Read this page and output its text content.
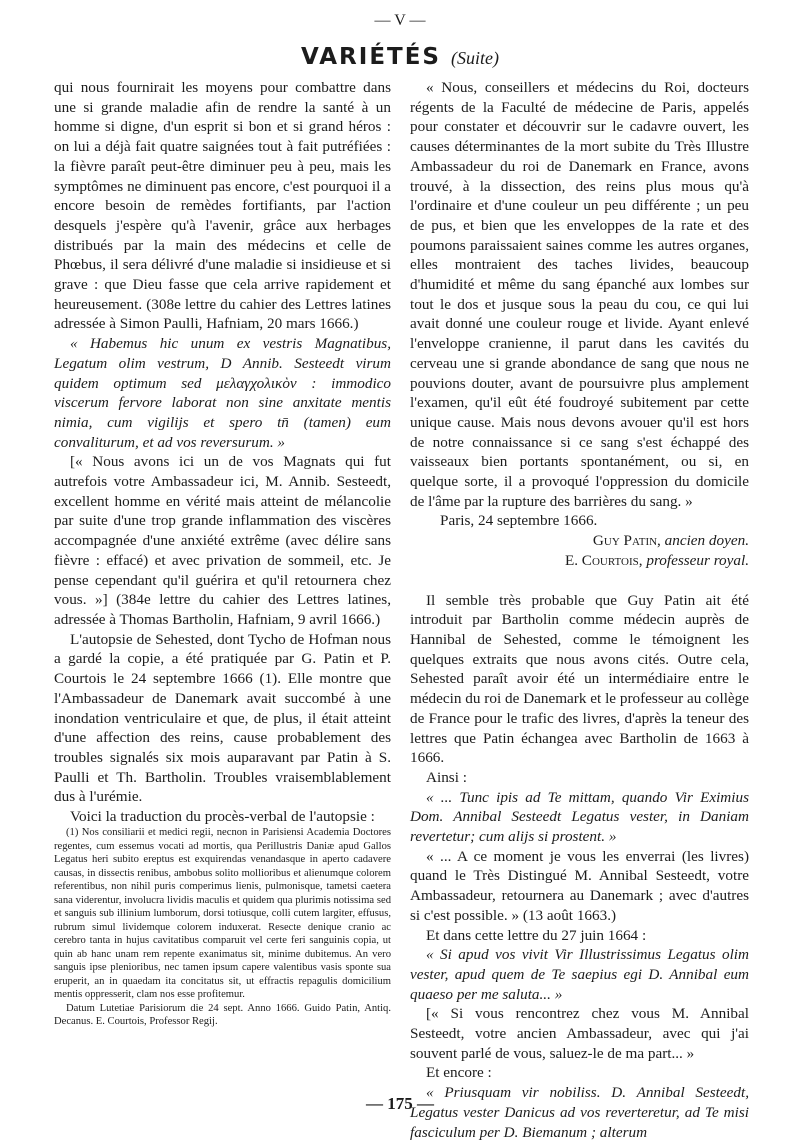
— V —
VARIÉTÉS (Suite)

qui nous fournirait les moyens pour combattre dans une si grande maladie afin de rendre la santé à un homme si digne, d'un esprit si bon et si grand héros : on lui a déjà fait quatre saignées tout à fait putréfiées : la fièvre paraît peut-être diminuer peu à peu, mais les symptômes ne diminuent pas encore, c'est pourquoi il a encore besoin de remèdes fortifiants, par l'action desquels j'espère qu'à l'avenir, grâce aux herbages distribués par la main des médecins et celle de Phœbus, il sera délivré d'une maladie si insidieuse et si grave : que Dieu fasse que cela arrive rapidement et heureusement. (308e lettre du cahier des Lettres latines adressée à Simon Paulli, Hafniam, 20 mars 1666.)

« Habemus hic unum ex vestris Magnatibus, Legatum olim vestrum, D Annib. Sesteedt virum quidem optimum sed μελαγχολικὸν : immodico viscerum fervore laborat non sine anxitate mentis nimia, cum vigilijs et spero tn̄ (tamen) eum convaliturum, et ad vos reversurum. »

[« Nous avons ici un de vos Magnats qui fut autrefois votre Ambassadeur ici, M. Annib. Sesteedt, excellent homme en vérité mais atteint de mélancolie par suite d'une trop grande inflammation des viscères accompagnée d'une anxiété extrême (avec délire sans fièvre : effacé) et avec privation de sommeil, etc. Je pense cependant qu'il guérira et qu'il retournera chez vous. »] (384e lettre du cahier des Lettres latines, adressée à Thomas Bartholin, Hafniam, 9 avril 1666.)

L'autopsie de Sehested, dont Tycho de Hofman nous a gardé la copie, a été pratiquée par G. Patin et P. Courtois le 24 septembre 1666 (1). Elle montre que l'Ambassadeur de Danemark avait succombé à une inondation ventriculaire et que, de plus, il était atteint d'une affection des reins, cause probablement des troubles signalés six mois auparavant par Patin à S. Paulli et Th. Bartholin. Troubles vraisemblablement dus à l'urémie.

Voici la traduction du procès-verbal de l'autopsie :

(1) Nos consiliarii et medici regii, necnon in Parisiensi Academia Doctores regentes, cum essemus vocati ad mortis, qua Perillustris Daniæ apud Gallos Legatus heri subito ereptus est exquirendas venandasque in aperto cadavere causas, in dissectis renibus, ambobus solito mollioribus et alienumque colorem referentibus, non nihil puris comperimus lienis, pulmonisque, tametsi caetera sana viderentur, involucra lividis maculis et quidem qua plurimis notissima sed et sanguis sub illinium lumborum, dorsi totiusque, colli cutem largiter, effusus, rubrum simul lividemque colorem induxerat. Resecte denique cranio ac cerebro tanta in hujus cavitatibus comparuit vel certe feri sanguinis copia, ut quin ab hanc unam rem repente exanimatus sit, minime dubitemus. An vero sanguis ipse plenioribus, nec tamen ipsum capere valentibus vasis sponte sua eruperit, an in quaedam ita concitatus sit, ut effractis repagulis domicilium mentis oppresserit, clam nos esse profitemur.

Datum Lutetiae Parisiorum die 24 sept. Anno 1666. Guido Patin, Antiq. Decanus. E. Courtois, Professor Regij.

« Nous, conseillers et médecins du Roi, docteurs régents de la Faculté de médecine de Paris, appelés pour constater et découvrir sur le cadavre ouvert, les causes déterminantes de la mort subite du Très Illustre Ambassadeur du roi de Danemark en France, avons trouvé, à la dissection, des reins plus mous qu'à l'ordinaire et d'une couleur un peu différente ; un peu de pus, et bien que les enveloppes de la rate et des poumons paraissaient saines comme les autres organes, elles montraient des taches livides, beaucoup d'humidité et même du sang épanché aux lombes sur tout le dos et jusque sous la peau du cou, ce qui lui avait donné une couleur rouge et livide. Ayant enlevé l'enveloppe cranienne, il parut dans les cavités du cerveau une si grande abondance de sang que nous ne pouvions douter, avant de poursuivre plus amplement l'examen, qu'il eût été foudroyé subitement par cette unique cause. Mais nous devons avouer qu'il est hors de notre connaissance si ce sang s'est échappé des vaisseaux bien portants spontanément, ou si, en quelque sorte, il a provoqué l'oppression du domicile de l'âme par la rupture des barrières du sang. »

Paris, 24 septembre 1666.
Guy Patin, ancien doyen.
E. Courtois, professeur royal.

Il semble très probable que Guy Patin ait été introduit par Bartholin comme médecin auprès de Hannibal de Sehested, comme le témoignent les quelques extraits que nous avons cités. Outre cela, Sehested paraît avoir été un intermédiaire entre le médecin du roi de Danemark et le professeur au collège de France pour le trafic des livres, d'après la teneur des lettres que Patin échangea avec Bartholin de 1663 à 1666.

Ainsi :

« ... Tunc ipis ad Te mittam, quando Vir Eximius Dom. Annibal Sesteedt Legatus vester, in Daniam revertetur; cum alijs si prostent. »

« ... A ce moment je vous les enverrai (les livres) quand le Très Distingué M. Annibal Sesteedt, votre Ambassadeur, retournera au Danemark ; avec d'autres si c'est possible. » (13 août 1663.)

Et dans cette lettre du 27 juin 1664 :

« Si apud vos vivit Vir Illustrissimus Legatus olim vester, apud quem de Te saepius egi D. Annibal eum quaeso per me saluta... »

[« Si vous rencontrez chez vous M. Annibal Sesteedt, votre ancien Ambassadeur, avec qui j'ai souvent parlé de vous, saluez-le de ma part... »

Et encore :

« Priusquam vir nobiliss. D. Annibal Sesteedt, Legatus vester Danicus ad vos reverteretur, ad Te misi fasciculum per D. Biemanum ; alterum

— 175 —
